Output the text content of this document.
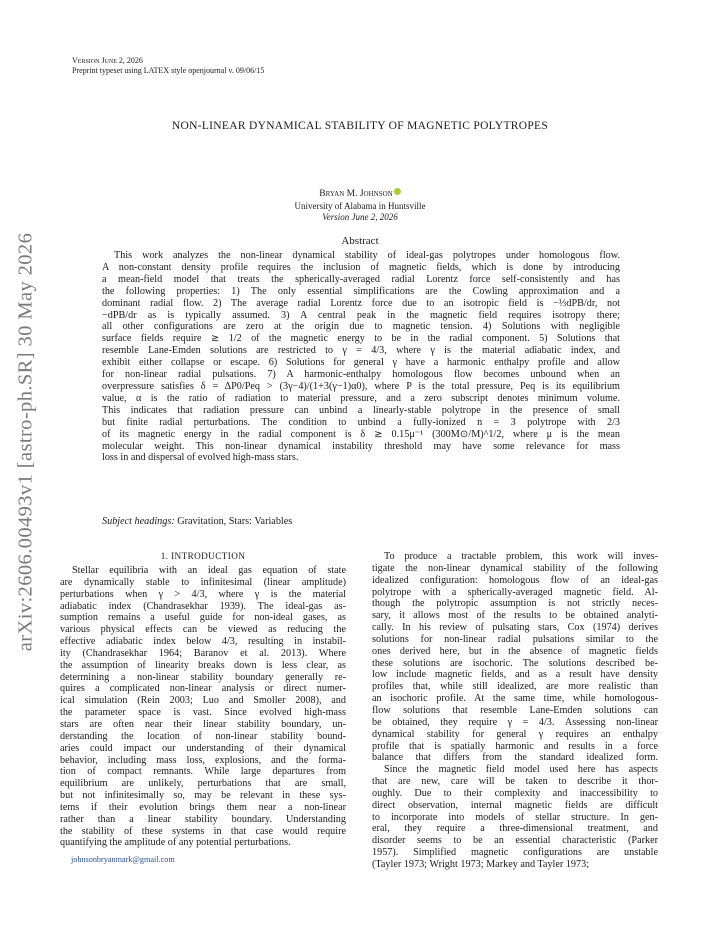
Version June 2, 2026
Preprint typeset using LATEX style openjournal v. 09/06/15
NON-LINEAR DYNAMICAL STABILITY OF MAGNETIC POLYTROPES
Bryan M. Johnson
University of Alabama in Huntsville
Version June 2, 2026
arXiv:2606.00493v1 [astro-ph.SR] 30 May 2026	Abstract
This work analyzes the non-linear dynamical stability of ideal-gas polytropes under homologous flow.
A non-constant density profile requires the inclusion of magnetic fields, which is done by introducing
a mean-field model that treats the spherically-averaged radial Lorentz force self-consistently and has
the following properties: 1) The only essential simplifications are the Cowling approximation and a
dominant radial flow. 2) The average radial Lorentz force due to an isotropic field is −⅓dPB/dr, not
−dPB/dr as is typically assumed. 3) A central peak in the magnetic field requires isotropy there;
all other configurations are zero at the origin due to magnetic tension. 4) Solutions with negligible
surface fields require ≳ 1/2 of the magnetic energy to be in the radial component. 5) Solutions that
resemble Lane-Emden solutions are restricted to γ = 4/3, where γ is the material adiabatic index, and
exhibit either collapse or escape. 6) Solutions for general γ have a harmonic enthalpy profile and allow
for non-linear radial pulsations. 7) A harmonic-enthalpy homologous flow becomes unbound when an
overpressure satisfies δ = ΔP0/Peq > (3γ−4)/(1+3(γ−1)α0), where P is the total pressure, Peq is its equilibrium
value, α is the ratio of radiation to material pressure, and a zero subscript denotes minimum volume.
This indicates that radiation pressure can unbind a linearly-stable polytrope in the presence of small
but finite radial perturbations. The condition to unbind a fully-ionized n = 3 polytrope with 2/3
of its magnetic energy in the radial component is δ ≳ 0.15μ⁻¹ (300M⊙/M)^1/2, where μ is the mean
molecular weight. This non-linear dynamical instability threshold may have some relevance for mass
loss in and dispersal of evolved high-mass stars.
Subject headings: Gravitation, Stars: Variables
1. INTRODUCTION
Stellar equilibria with an ideal gas equation of state
are dynamically stable to infinitesimal (linear amplitude)
perturbations when γ > 4/3, where γ is the material
adiabatic index (Chandrasekhar 1939). The ideal-gas as-
sumption remains a useful guide for non-ideal gases, as
various physical effects can be viewed as reducing the
effective adiabatic index below 4/3, resulting in instabil-
ity (Chandrasekhar 1964; Baranov et al. 2013). Where
the assumption of linearity breaks down is less clear, as
determining a non-linear stability boundary generally re-
quires a complicated non-linear analysis or direct numer-
ical simulation (Rein 2003; Luo and Smoller 2008), and
the parameter space is vast. Since evolved high-mass
stars are often near their linear stability boundary, un-
derstanding the location of non-linear stability bound-
aries could impact our understanding of their dynamical
behavior, including mass loss, explosions, and the forma-
tion of compact remnants. While large departures from
equilibrium are unlikely, perturbations that are small,
but not infinitesimally so, may be relevant in these sys-
tems if their evolution brings them near a non-linear
rather than a linear stability boundary. Understanding
the stability of these systems in that case would require
quantifying the amplitude of any potential perturbations.
To produce a tractable problem, this work will inves-
tigate the non-linear dynamical stability of the following
idealized configuration: homologous flow of an ideal-gas
polytrope with a spherically-averaged magnetic field. Al-
though the polytropic assumption is not strictly neces-
sary, it allows most of the results to be obtained analyti-
cally. In his review of pulsating stars, Cox (1974) derives
solutions for non-linear radial pulsations similar to the
ones derived here, but in the absence of magnetic fields
these solutions are isochoric. The solutions described be-
low include magnetic fields, and as a result have density
profiles that, while still idealized, are more realistic than
an isochoric profile. At the same time, while homologous-
flow solutions that resemble Lane-Emden solutions can
be obtained, they require γ = 4/3. Assessing non-linear
dynamical stability for general γ requires an enthalpy
profile that is spatially harmonic and results in a force
balance that differs from the standard idealized form.
Since the magnetic field model used here has aspects
that are new, care will be taken to describe it thor-
oughly. Due to their complexity and inaccessibility to
direct observation, internal magnetic fields are difficult
to incorporate into models of stellar structure. In gen-
eral, they require a three-dimensional treatment, and
disorder seems to be an essential characteristic (Parker
1957). Simplified magnetic configurations are unstable
(Tayler 1973; Wright 1973; Markey and Tayler 1973;
johnsonbryanmark@gmail.com
